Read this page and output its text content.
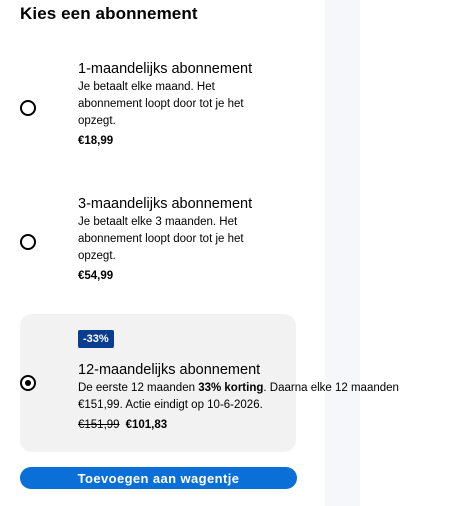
Kies een abonnement
1-maandelijks abonnement
Je betaalt elke maand. Het
abonnement loopt door tot je het
opzegt.
€18,99
3-maandelijks abonnement
Je betaalt elke 3 maanden. Het
abonnement loopt door tot je het
opzegt.
€54,99
-33%
12-maandelijks abonnement
De eerste 12 maanden 33% korting. Daarna elke 12 maanden
€151,99. Actie eindigt op 10-6-2026.
€151,99 €101,83
Toevoegen aan wagentje
